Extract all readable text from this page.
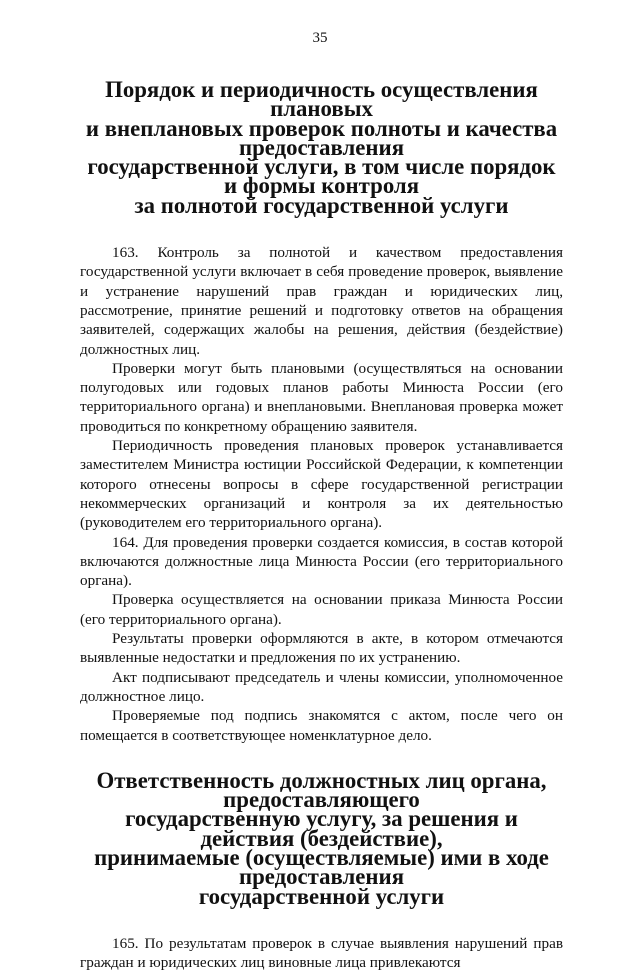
35
Порядок и периодичность осуществления плановых
и внеплановых проверок полноты и качества предоставления
государственной услуги, в том числе порядок и формы контроля
за полнотой государственной услуги

163. Контроль за полнотой и качеством предоставления государственной услуги включает в себя проведение проверок, выявление и устранение нарушений прав граждан и юридических лиц, рассмотрение, принятие решений и подготовку ответов на обращения заявителей, содержащих жалобы на решения, действия (бездействие) должностных лиц.

Проверки могут быть плановыми (осуществляться на основании полугодовых или годовых планов работы Минюста России (его территориального органа) и внеплановыми. Внеплановая проверка может проводиться по конкретному обращению заявителя.

Периодичность проведения плановых проверок устанавливается заместителем Министра юстиции Российской Федерации, к компетенции которого отнесены вопросы в сфере государственной регистрации некоммерческих организаций и контроля за их деятельностью (руководителем его территориального органа).

164. Для проведения проверки создается комиссия, в состав которой включаются должностные лица Минюста России (его территориального органа).

Проверка осуществляется на основании приказа Минюста России (его территориального органа).

Результаты проверки оформляются в акте, в котором отмечаются выявленные недостатки и предложения по их устранению.

Акт подписывают председатель и члены комиссии, уполномоченное должностное лицо.

Проверяемые под подпись знакомятся с актом, после чего он помещается в соответствующее номенклатурное дело.

Ответственность должностных лиц органа, предоставляющего
государственную услугу, за решения и действия (бездействие),
принимаемые (осуществляемые) ими в ходе предоставления
государственной услуги

165. По результатам проверок в случае выявления нарушений прав граждан и юридических лиц виновные лица привлекаются
